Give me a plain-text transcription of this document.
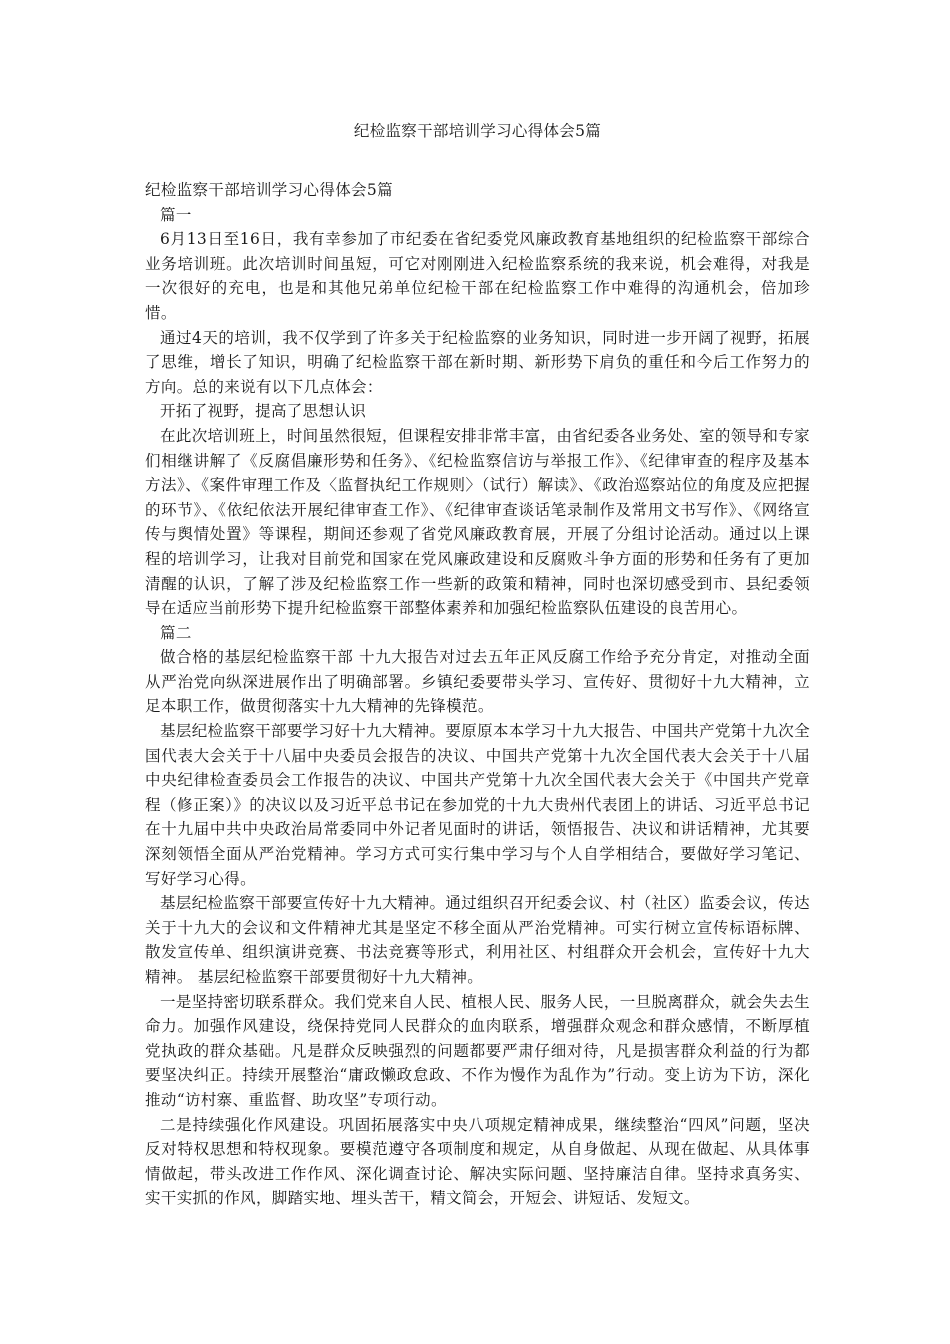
纪检监察干部培训学习心得体会5篇

纪检监察干部培训学习心得体会5篇

篇一

6月13日至16日，我有幸参加了市纪委在省纪委党风廉政教育基地组织的纪检监察干部综合业务培训班。此次培训时间虽短，可它对刚刚进入纪检监察系统的我来说，机会难得，对我是一次很好的充电，也是和其他兄弟单位纪检干部在纪检监察工作中难得的沟通机会，倍加珍惜。

通过4天的培训，我不仅学到了许多关于纪检监察的业务知识，同时进一步开阔了视野，拓展了思维，增长了知识，明确了纪检监察干部在新时期、新形势下肩负的重任和今后工作努力的方向。总的来说有以下几点体会：

开拓了视野，提高了思想认识

在此次培训班上，时间虽然很短，但课程安排非常丰富，由省纪委各业务处、室的领导和专家们相继讲解了《反腐倡廉形势和任务》、《纪检监察信访与举报工作》、《纪律审查的程序及基本方法》、《案件审理工作及〈监督执纪工作规则〉（试行）解读》、《政治巡察站位的角度及应把握的环节》、《依纪依法开展纪律审查工作》、《纪律审查谈话笔录制作及常用文书写作》、《网络宣传与舆情处置》等课程，期间还参观了省党风廉政教育展，开展了分组讨论活动。通过以上课程的培训学习，让我对目前党和国家在党风廉政建设和反腐败斗争方面的形势和任务有了更加清醒的认识，了解了涉及纪检监察工作一些新的政策和精神，同时也深切感受到市、县纪委领导在适应当前形势下提升纪检监察干部整体素养和加强纪检监察队伍建设的良苦用心。

篇二

做合格的基层纪检监察干部 十九大报告对过去五年正风反腐工作给予充分肯定，对推动全面从严治党向纵深进展作出了明确部署。乡镇纪委要带头学习、宣传好、贯彻好十九大精神，立足本职工作，做贯彻落实十九大精神的先锋模范。

基层纪检监察干部要学习好十九大精神。要原原本本学习十九大报告、中国共产党第十九次全国代表大会关于十八届中央委员会报告的决议、中国共产党第十九次全国代表大会关于十八届中央纪律检查委员会工作报告的决议、中国共产党第十九次全国代表大会关于《中国共产党章程（修正案）》的决议以及习近平总书记在参加党的十九大贵州代表团上的讲话、习近平总书记在十九届中共中央政治局常委同中外记者见面时的讲话，领悟报告、决议和讲话精神，尤其要深刻领悟全面从严治党精神。学习方式可实行集中学习与个人自学相结合，要做好学习笔记、写好学习心得。

基层纪检监察干部要宣传好十九大精神。通过组织召开纪委会议、村（社区）监委会议，传达关于十九大的会议和文件精神尤其是坚定不移全面从严治党精神。可实行树立宣传标语标牌、散发宣传单、组织演讲竞赛、书法竞赛等形式，利用社区、村组群众开会机会，宣传好十九大精神。 基层纪检监察干部要贯彻好十九大精神。

一是坚持密切联系群众。我们党来自人民、植根人民、服务人民，一旦脱离群众，就会失去生命力。加强作风建设，绕保持党同人民群众的血肉联系，增强群众观念和群众感情，不断厚植党执政的群众基础。凡是群众反映强烈的问题都要严肃仔细对待，凡是损害群众利益的行为都要坚决纠正。持续开展整治“庸政懒政怠政、不作为慢作为乱作为”行动。变上访为下访，深化推动“访村寨、重监督、助攻坚”专项行动。

二是持续强化作风建设。巩固拓展落实中央八项规定精神成果，继续整治“四风”问题，坚决反对特权思想和特权现象。要模范遵守各项制度和规定，从自身做起、从现在做起、从具体事情做起，带头改进工作作风、深化调查讨论、解决实际问题、坚持廉洁自律。坚持求真务实、实干实抓的作风，脚踏实地、埋头苦干，精文简会，开短会、讲短话、发短文。
